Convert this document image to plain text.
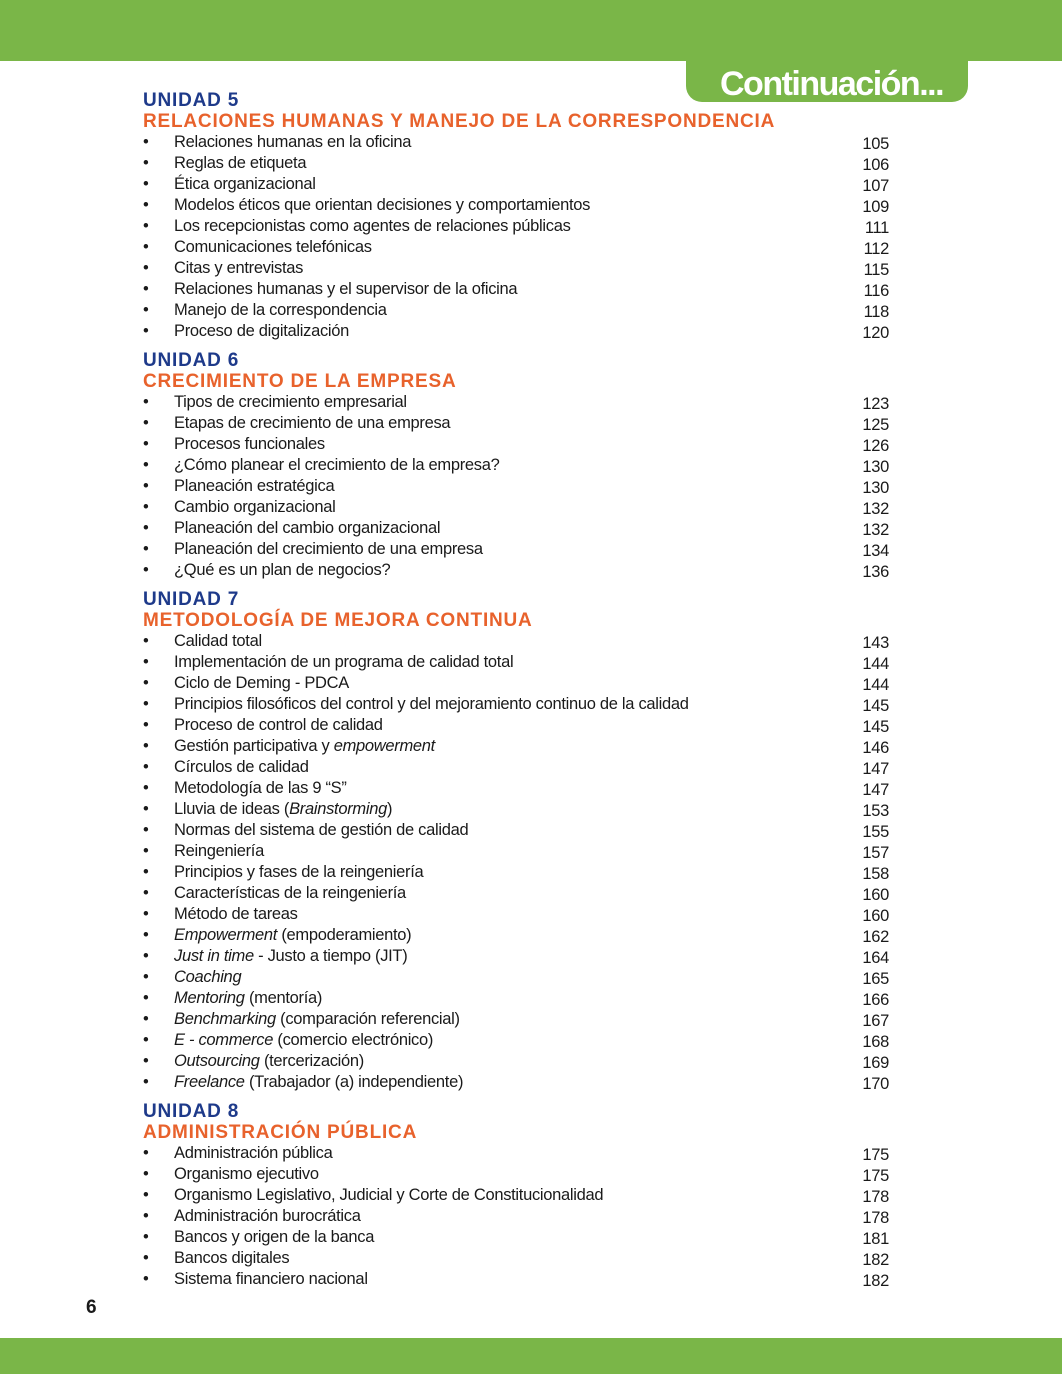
Continuación...
UNIDAD 5
RELACIONES HUMANAS Y MANEJO DE LA CORRESPONDENCIA
•	Relaciones humanas en la oficina	105
•	Reglas de etiqueta	106
•	Ética organizacional	107
•	Modelos éticos que orientan decisiones y comportamientos	109
•	Los recepcionistas como agentes de relaciones públicas	111
•	Comunicaciones telefónicas	112
•	Citas y entrevistas	115
•	Relaciones humanas y el supervisor de la oficina	116
•	Manejo de la correspondencia	118
•	Proceso de digitalización	120
UNIDAD 6
CRECIMIENTO DE LA EMPRESA
•	Tipos de crecimiento empresarial	123
•	Etapas de crecimiento de una empresa	125
•	Procesos funcionales	126
•	¿Cómo planear el crecimiento de la empresa?	130
•	Planeación estratégica	130
•	Cambio organizacional	132
•	Planeación del cambio organizacional	132
•	Planeación del crecimiento de una empresa	134
•	¿Qué es un plan de negocios?	136
UNIDAD 7
METODOLOGÍA DE MEJORA CONTINUA
•	Calidad total	143
•	Implementación de un programa de calidad total	144
•	Ciclo de Deming - PDCA	144
•	Principios filosóficos del control y del mejoramiento continuo de la calidad	145
•	Proceso de control de calidad	145
•	Gestión participativa y empowerment	146
•	Círculos de calidad	147
•	Metodología de las 9 “S”	147
•	Lluvia de ideas (Brainstorming)	153
•	Normas del sistema de gestión de calidad	155
•	Reingeniería	157
•	Principios y fases de la reingeniería	158
•	Características de la reingeniería	160
•	Método de tareas	160
•	Empowerment (empoderamiento)	162
•	Just in time - Justo a tiempo (JIT)	164
•	Coaching	165
•	Mentoring (mentoría)	166
•	Benchmarking (comparación referencial)	167
•	E - commerce (comercio electrónico)	168
•	Outsourcing (tercerización)	169
•	Freelance (Trabajador (a) independiente)	170
UNIDAD 8
ADMINISTRACIÓN PÚBLICA
•	Administración pública	175
•	Organismo ejecutivo	175
•	Organismo Legislativo, Judicial y Corte de Constitucionalidad	178
•	Administración burocrática	178
•	Bancos y origen de la banca	181
•	Bancos digitales	182
•	Sistema financiero nacional	182
6
